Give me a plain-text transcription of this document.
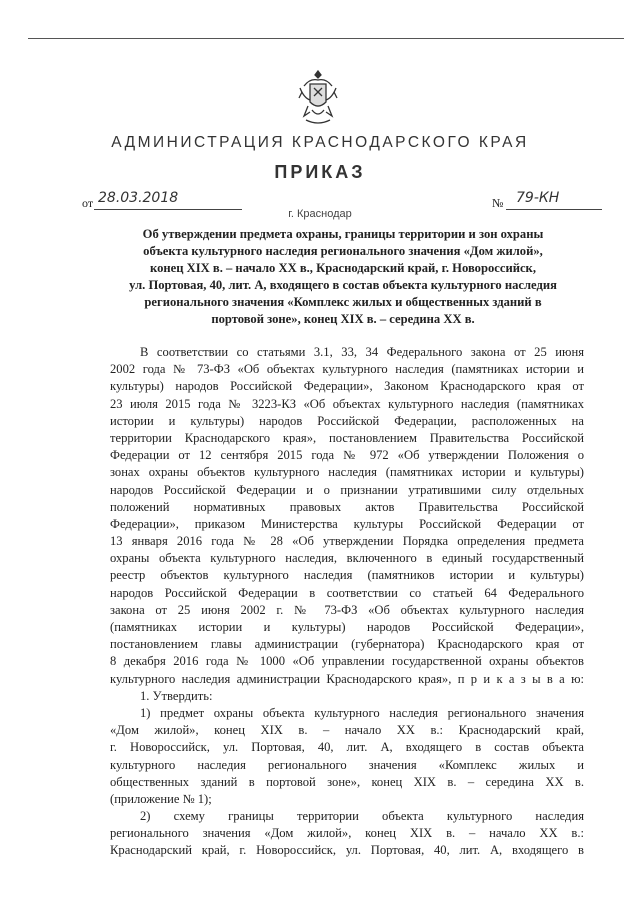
АДМИНИСТРАЦИЯ КРАСНОДАРСКОГО КРАЯ
ПРИКАЗ
от 28.03.2018	№ 79-КН
г. Краснодар
Об утверждении предмета охраны, границы территории и зон охраны
объекта культурного наследия регионального значения «Дом жилой»,
конец XIX в. – начало XX в., Краснодарский край, г. Новороссийск,
ул. Портовая, 40, лит. А, входящего в состав объекта культурного наследия
регионального значения «Комплекс жилых и общественных зданий в
портовой зоне», конец XIX в. – середина XX в.
В соответствии со статьями 3.1, 33, 34 Федерального закона от 25 июня
2002 года № 73-ФЗ «Об объектах культурного наследия (памятниках истории и
культуры) народов Российской Федерации», Законом Краснодарского края от
23 июля 2015 года № 3223-КЗ «Об объектах культурного наследия (памятниках
истории и культуры) народов Российской Федерации, расположенных на
территории Краснодарского края», постановлением Правительства Российской
Федерации от 12 сентября 2015 года № 972 «Об утверждении Положения о
зонах охраны объектов культурного наследия (памятниках истории и культуры)
народов Российской Федерации и о признании утратившими силу отдельных
положений нормативных правовых актов Правительства Российской
Федерации», приказом Министерства культуры Российской Федерации от
13 января 2016 года № 28 «Об утверждении Порядка определения предмета
охраны объекта культурного наследия, включенного в единый государственный
реестр объектов культурного наследия (памятников истории и культуры)
народов Российской Федерации в соответствии со статьей 64 Федерального
закона от 25 июня 2002 г. № 73-ФЗ «Об объектах культурного наследия
(памятниках истории и культуры) народов Российской Федерации»,
постановлением главы администрации (губернатора) Краснодарского края от
8 декабря 2016 года № 1000 «Об управлении государственной охраны объектов
культурного наследия администрации Краснодарского края», п р и к а з ы в а ю:
1. Утвердить:
1) предмет охраны объекта культурного наследия регионального значения
«Дом жилой», конец XIX в. – начало XX в.: Краснодарский край,
г. Новороссийск, ул. Портовая, 40, лит. А, входящего в состав объекта
культурного наследия регионального значения «Комплекс жилых и
общественных зданий в портовой зоне», конец XIX в. – середина XX в.
(приложение № 1);
2) схему границы территории объекта культурного наследия
регионального значения «Дом жилой», конец XIX в. – начало XX в.:
Краснодарский край, г. Новороссийск, ул. Портовая, 40, лит. А, входящего в
